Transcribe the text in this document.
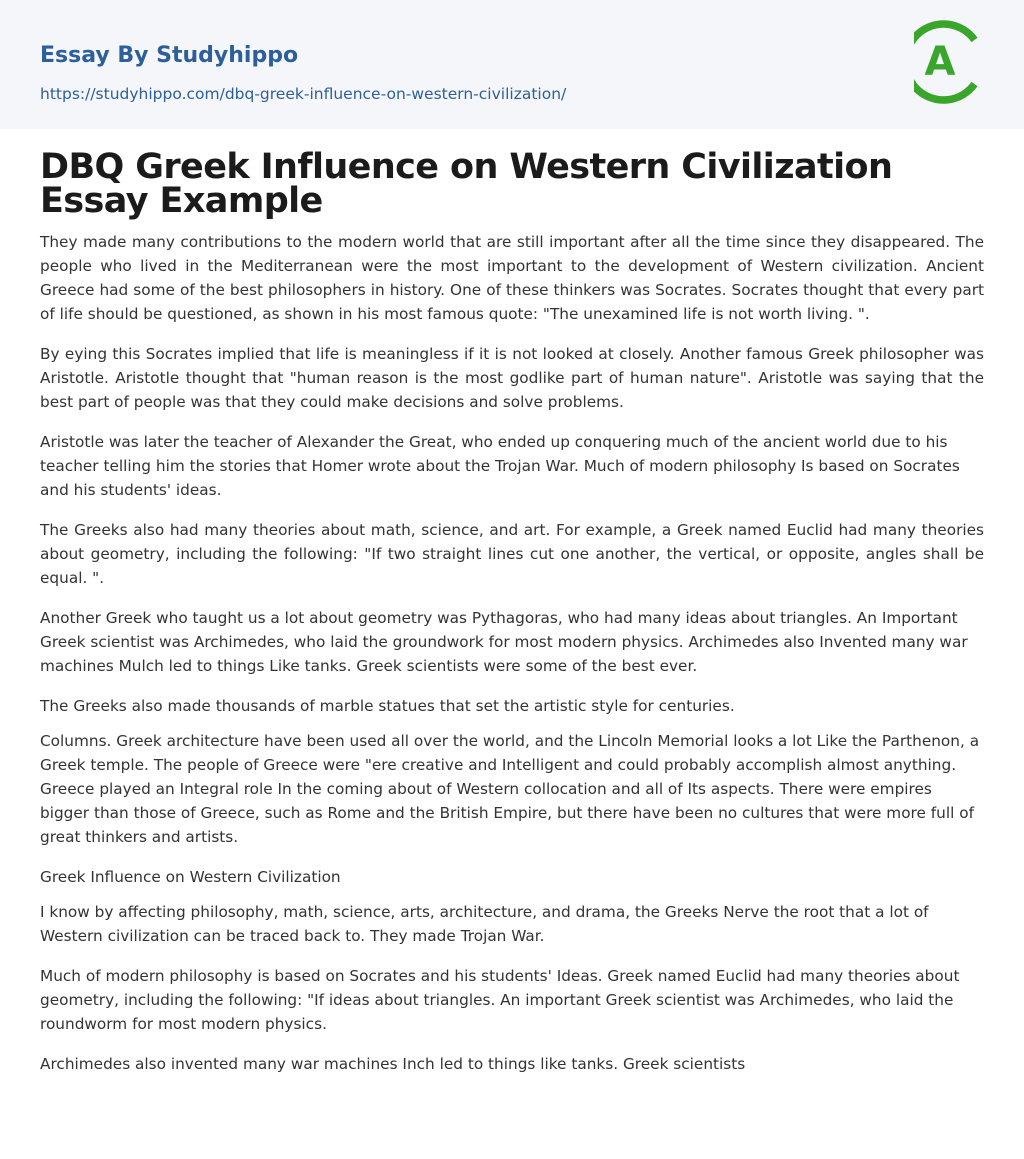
Essay By Studyhippo
https://studyhippo.com/dbq-greek-influence-on-western-civilization/
A
DBQ Greek Influence on Western Civilization Essay Example

They made many contributions to the modern world that are still important after all the time since they disappeared. The people who lived in the Mediterranean were the most important to the development of Western civilization. Ancient Greece had some of the best philosophers in history. One of these thinkers was Socrates. Socrates thought that every part of life should be questioned, as shown in his most famous quote: "The unexamined life is not worth living. ".

By eying this Socrates implied that life is meaningless if it is not looked at closely. Another famous Greek philosopher was Aristotle. Aristotle thought that "human reason is the most godlike part of human nature". Aristotle was saying that the best part of people was that they could make decisions and solve problems.

Aristotle was later the teacher of Alexander the Great, who ended up conquering much of the ancient world due to his teacher telling him the stories that Homer wrote about the Trojan War. Much of modern philosophy Is based on Socrates and his students' ideas.

The Greeks also had many theories about math, science, and art. For example, a Greek named Euclid had many theories about geometry, including the following: "If two straight lines cut one another, the vertical, or opposite, angles shall be equal. ".

Another Greek who taught us a lot about geometry was Pythagoras, who had many ideas about triangles. An Important Greek scientist was Archimedes, who laid the groundwork for most modern physics. Archimedes also Invented many war machines Mulch led to things Like tanks. Greek scientists were some of the best ever.

The Greeks also made thousands of marble statues that set the artistic style for centuries.

Columns. Greek architecture have been used all over the world, and the Lincoln Memorial looks a lot Like the Parthenon, a Greek temple. The people of Greece were "ere creative and Intelligent and could probably accomplish almost anything. Greece played an Integral role In the coming about of Western collocation and all of Its aspects. There were empires bigger than those of Greece, such as Rome and the British Empire, but there have been no cultures that were more full of great thinkers and artists.

Greek Influence on Western Civilization

I know by affecting philosophy, math, science, arts, architecture, and drama, the Greeks Nerve the root that a lot of Western civilization can be traced back to. They made Trojan War.

Much of modern philosophy is based on Socrates and his students' Ideas. Greek named Euclid had many theories about geometry, including the following: "If ideas about triangles. An important Greek scientist was Archimedes, who laid the roundworm for most modern physics.

Archimedes also invented many war machines Inch led to things like tanks. Greek scientists
